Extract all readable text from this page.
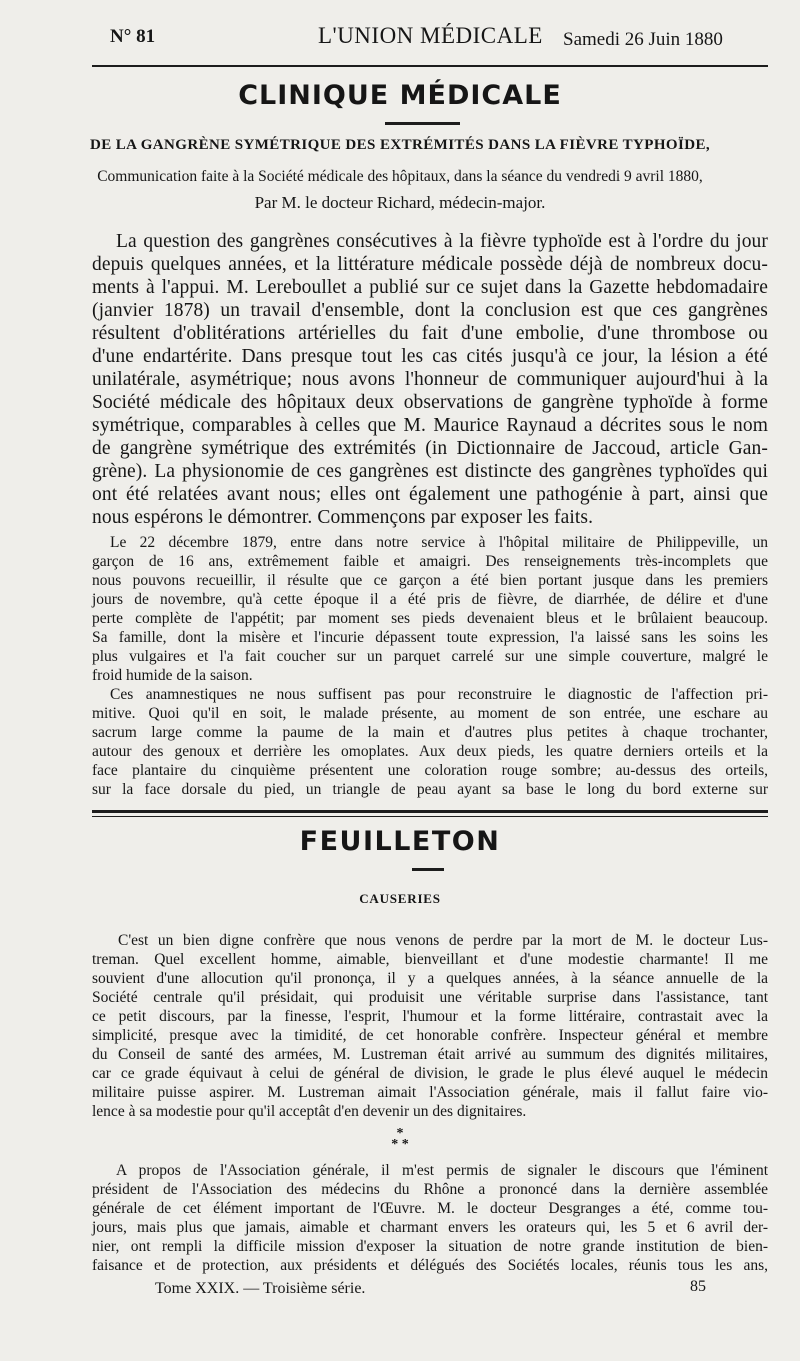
N° 81	L'UNION MÉDICALE Samedi 26 Juin 1880
CLINIQUE MÉDICALE
DE LA GANGRÈNE SYMÉTRIQUE DES EXTRÉMITÉS DANS LA FIÈVRE TYPHOÏDE,
Communication faite à la Société médicale des hôpitaux, dans la séance du vendredi 9 avril 1880,
Par M. le docteur Richard, médecin-major.
La question des gangrènes consécutives à la fièvre typhoïde est à l'ordre du jour
depuis quelques années, et la littérature médicale possède déjà de nombreux docu-
ments à l'appui. M. Lereboullet a publié sur ce sujet dans la Gazette hebdomadaire
(janvier 1878) un travail d'ensemble, dont la conclusion est que ces gangrènes
résultent d'oblitérations artérielles du fait d'une embolie, d'une thrombose ou
d'une endartérite. Dans presque tout les cas cités jusqu'à ce jour, la lésion a été
unilatérale, asymétrique; nous avons l'honneur de communiquer aujourd'hui à la
Société médicale des hôpitaux deux observations de gangrène typhoïde à forme
symétrique, comparables à celles que M. Maurice Raynaud a décrites sous le nom
de gangrène symétrique des extrémités (in Dictionnaire de Jaccoud, article Gan-
grène). La physionomie de ces gangrènes est distincte des gangrènes typhoïdes qui
ont été relatées avant nous; elles ont également une pathogénie à part, ainsi que
nous espérons le démontrer. Commençons par exposer les faits.
Le 22 décembre 1879, entre dans notre service à l'hôpital militaire de Philippeville, un
garçon de 16 ans, extrêmement faible et amaigri. Des renseignements très-incomplets que
nous pouvons recueillir, il résulte que ce garçon a été bien portant jusque dans les premiers
jours de novembre, qu'à cette époque il a été pris de fièvre, de diarrhée, de délire et d'une
perte complète de l'appétit; par moment ses pieds devenaient bleus et le brûlaient beaucoup.
Sa famille, dont la misère et l'incurie dépassent toute expression, l'a laissé sans les soins les
plus vulgaires et l'a fait coucher sur un parquet carrelé sur une simple couverture, malgré le
froid humide de la saison.
Ces anamnestiques ne nous suffisent pas pour reconstruire le diagnostic de l'affection pri-
mitive. Quoi qu'il en soit, le malade présente, au moment de son entrée, une eschare au
sacrum large comme la paume de la main et d'autres plus petites à chaque trochanter,
autour des genoux et derrière les omoplates. Aux deux pieds, les quatre derniers orteils et la
face plantaire du cinquième présentent une coloration rouge sombre; au-dessus des orteils,
sur la face dorsale du pied, un triangle de peau ayant sa base le long du bord externe sur
FEUILLETON
CAUSERIES
C'est un bien digne confrère que nous venons de perdre par la mort de M. le docteur Lus-
treman. Quel excellent homme, aimable, bienveillant et d'une modestie charmante! Il me
souvient d'une allocution qu'il prononça, il y a quelques années, à la séance annuelle de la
Société centrale qu'il présidait, qui produisit une véritable surprise dans l'assistance, tant
ce petit discours, par la finesse, l'esprit, l'humour et la forme littéraire, contrastait avec la
simplicité, presque avec la timidité, de cet honorable confrère. Inspecteur général et membre
du Conseil de santé des armées, M. Lustreman était arrivé au summum des dignités militaires,
car ce grade équivaut à celui de général de division, le grade le plus élevé auquel le médecin
militaire puisse aspirer. M. Lustreman aimait l'Association générale, mais il fallut faire vio-
lence à sa modestie pour qu'il acceptât d'en devenir un des dignitaires.
*
* *
A propos de l'Association générale, il m'est permis de signaler le discours que l'éminent
président de l'Association des médecins du Rhône a prononcé dans la dernière assemblée
générale de cet élément important de l'Œuvre. M. le docteur Desgranges a été, comme tou-
jours, mais plus que jamais, aimable et charmant envers les orateurs qui, les 5 et 6 avril der-
nier, ont rempli la difficile mission d'exposer la situation de notre grande institution de bien-
faisance et de protection, aux présidents et délégués des Sociétés locales, réunis tous les ans,
Tome XXIX. — Troisième série.	85
